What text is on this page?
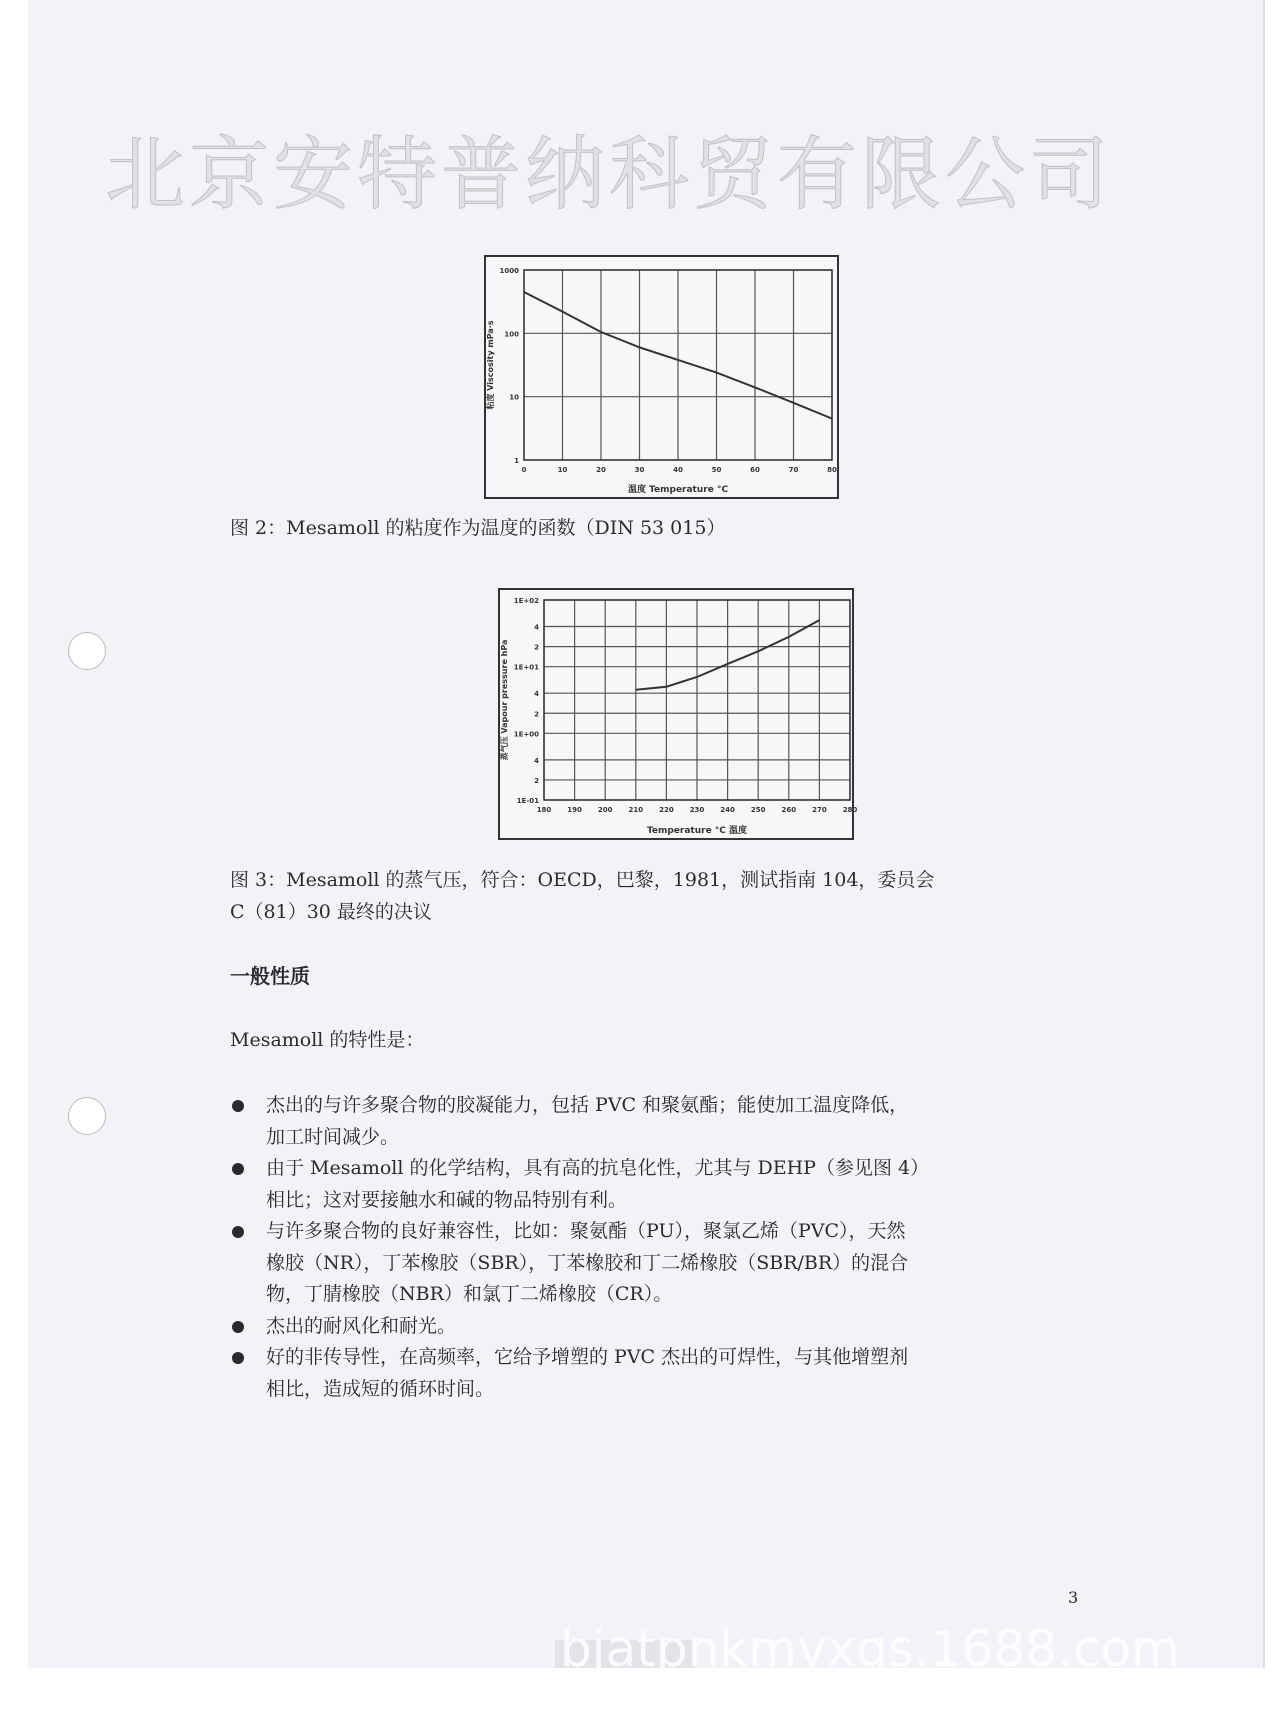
北京安特普纳科贸有限公司
1
10
100
1000
0	10	20	30	40	50	60	70	80
温度 Temperature °C
粘度 Viscosity mPa·s
图 2：Mesamoll 的粘度作为温度的函数（DIN 53 015）
1E-01
2
4
1E+00
2
4
1E+01
2
4
1E+02
180 190 200 210 220 230 240 250 260 270 280
Temperature °C 温度
蒸气压 Vapour pressure hPa
图 3：Mesamoll 的蒸气压，符合：OECD，巴黎，1981，测试指南 104，委员会
C（81）30 最终的决议
一般性质
Mesamoll 的特性是：
杰出的与许多聚合物的胶凝能力，包括 PVC 和聚氨酯；能使加工温度降低，
加工时间减少。
由于 Mesamoll 的化学结构，具有高的抗皂化性，尤其与 DEHP（参见图 4）
相比；这对要接触水和碱的物品特别有利。
与许多聚合物的良好兼容性，比如：聚氨酯（PU），聚氯乙烯（PVC），天然
橡胶（NR），丁苯橡胶（SBR），丁苯橡胶和丁二烯橡胶（SBR/BR）的混合
物，丁腈橡胶（NBR）和氯丁二烯橡胶（CR）。
杰出的耐风化和耐光。
好的非传导性，在高频率，它给予增塑的 PVC 杰出的可焊性，与其他增塑剂
相比，造成短的循环时间。
3
bjatpnkmyxgs.1688.com
